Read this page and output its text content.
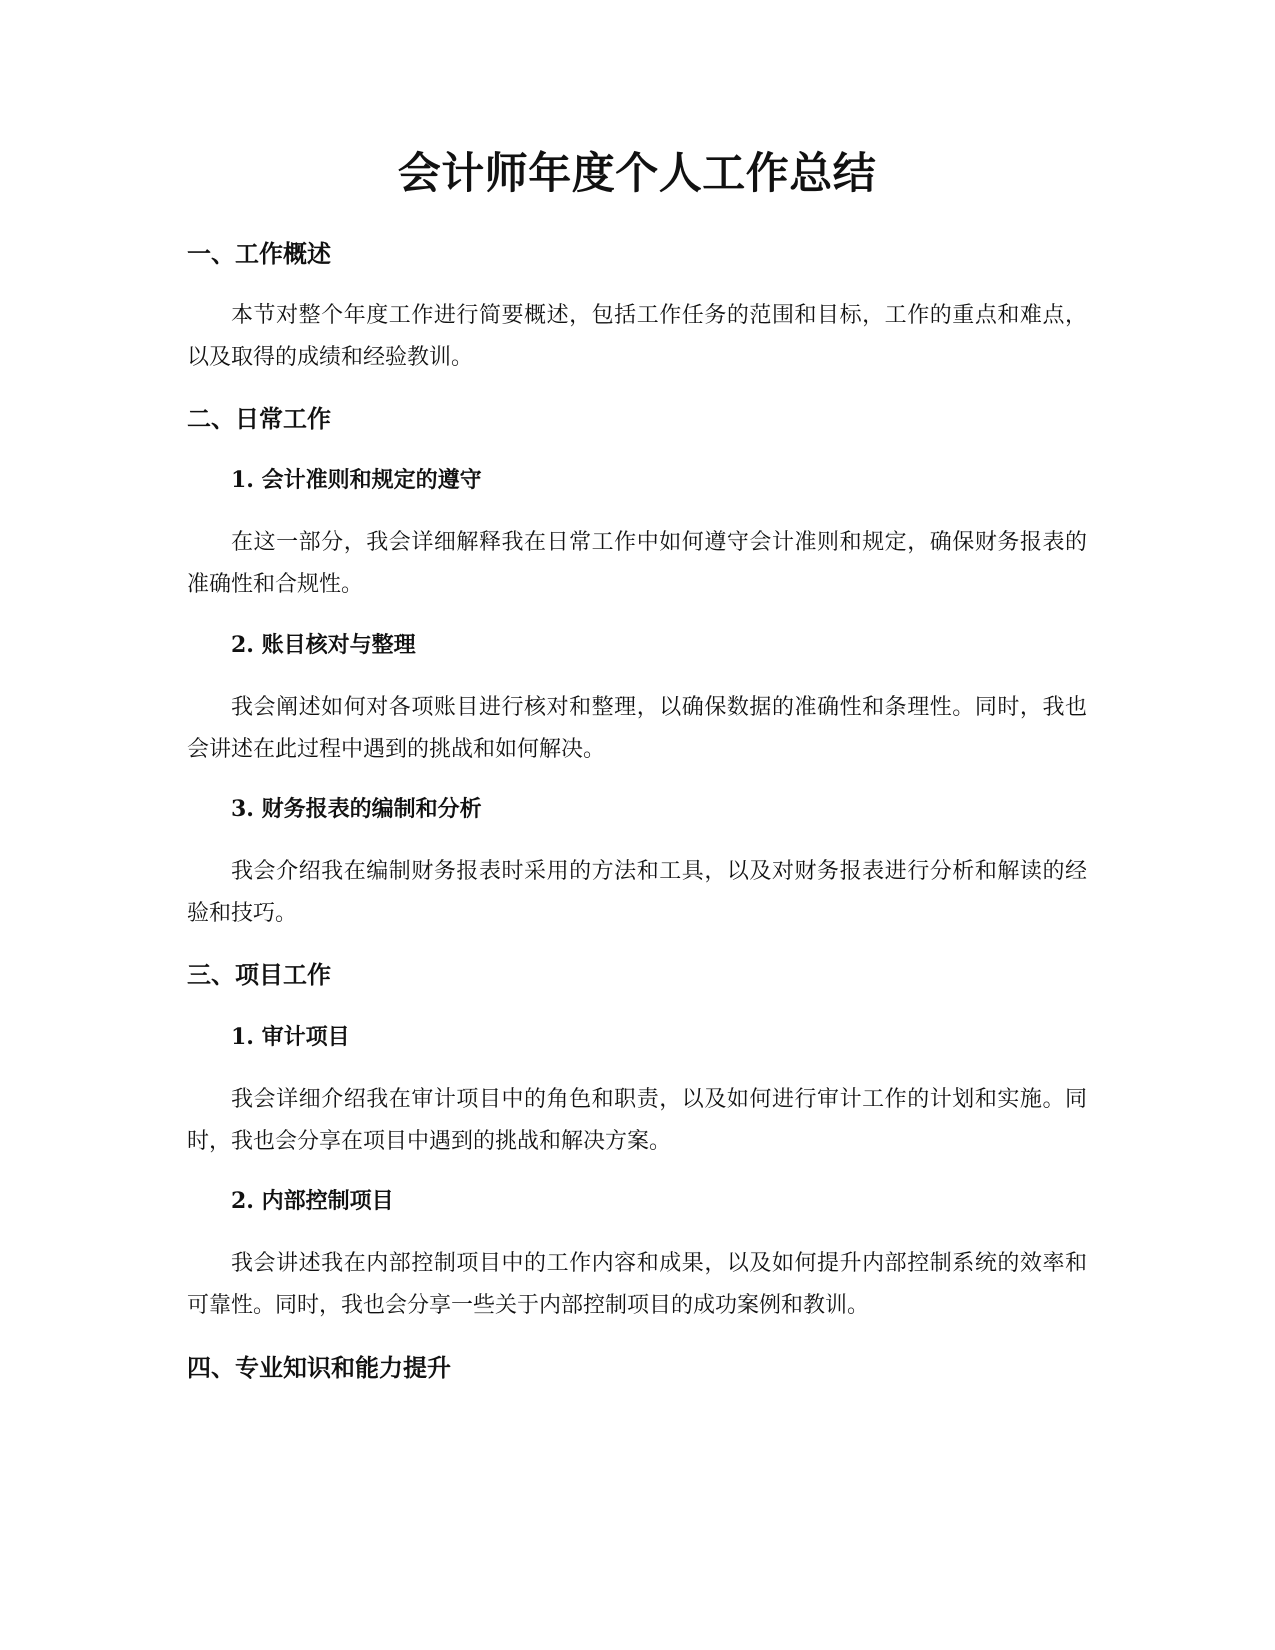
会计师年度个人工作总结
一、工作概述

本节对整个年度工作进行简要概述，包括工作任务的范围和目标，工作的重点和难点，以及取得的成绩和经验教训。

二、日常工作
1. 会计准则和规定的遵守

在这一部分，我会详细解释我在日常工作中如何遵守会计准则和规定，确保财务报表的准确性和合规性。

2. 账目核对与整理

我会阐述如何对各项账目进行核对和整理，以确保数据的准确性和条理性。同时，我也会讲述在此过程中遇到的挑战和如何解决。

3. 财务报表的编制和分析

我会介绍我在编制财务报表时采用的方法和工具，以及对财务报表进行分析和解读的经验和技巧。

三、项目工作
1. 审计项目

我会详细介绍我在审计项目中的角色和职责，以及如何进行审计工作的计划和实施。同时，我也会分享在项目中遇到的挑战和解决方案。

2. 内部控制项目

我会讲述我在内部控制项目中的工作内容和成果，以及如何提升内部控制系统的效率和可靠性。同时，我也会分享一些关于内部控制项目的成功案例和教训。

四、专业知识和能力提升
